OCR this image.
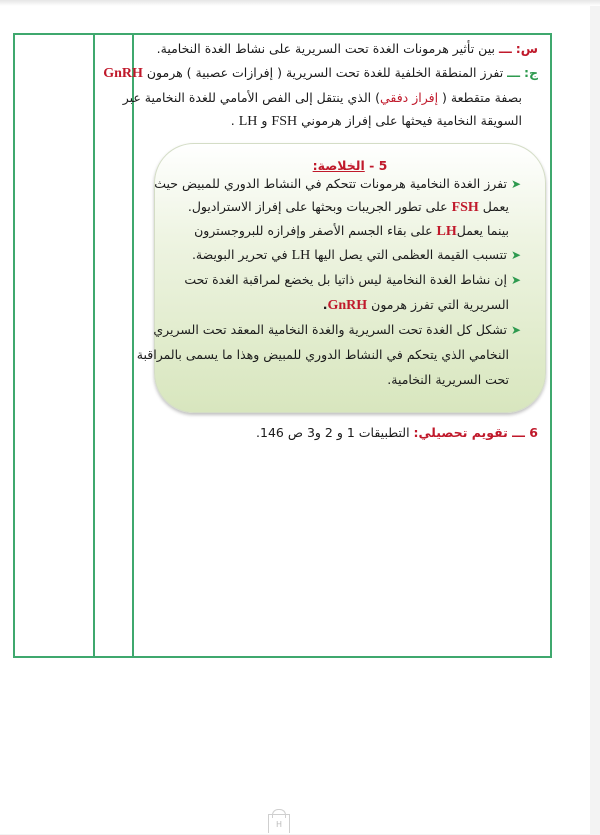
س: ـــ بين تأثير هرمونات الغدة تحت السريرية على نشاط الغدة النخامية.
ج: ـــ تفرز المنطقة الخلفية للغدة تحت السريرية ( إفرازات عصبية ) هرمون GnRH
بصفة متقطعة ( إفراز دفقي) الذي ينتقل إلى الفص الأمامي للغدة النخامية عبر
السويقة النخامية فيحثها على إفراز هرموني FSH و LH .
5 - الخلاصة:
➤تفرز الغدة النخامية هرمونات تتحكم في النشاط الدوري للمبيض حيث
يعمل FSH على تطور الجريبات وبحثها على إفراز الاستراديول.
بينما يعملLH على بقاء الجسم الأصفر وإفرازه للبروجسترون
➤تتسبب القيمة العظمى التي يصل اليها LH في تحرير البويضة.
➤إن نشاط الغدة النخامية ليس ذاتيا بل يخضع لمراقبة الغدة تحت
السريرية التي تفرز هرمون GnRH.
➤تشكل كل الغدة تحت السريرية والغدة النخامية المعقد تحت السريري
النخامي الذي يتحكم في النشاط الدوري للمبيض وهذا ما يسمى بالمراقبة
تحت السريرية النخامية.
6 ـــ تقويم تحصيلي: التطبيقات 1 و 2 و3 ص 146.
H
